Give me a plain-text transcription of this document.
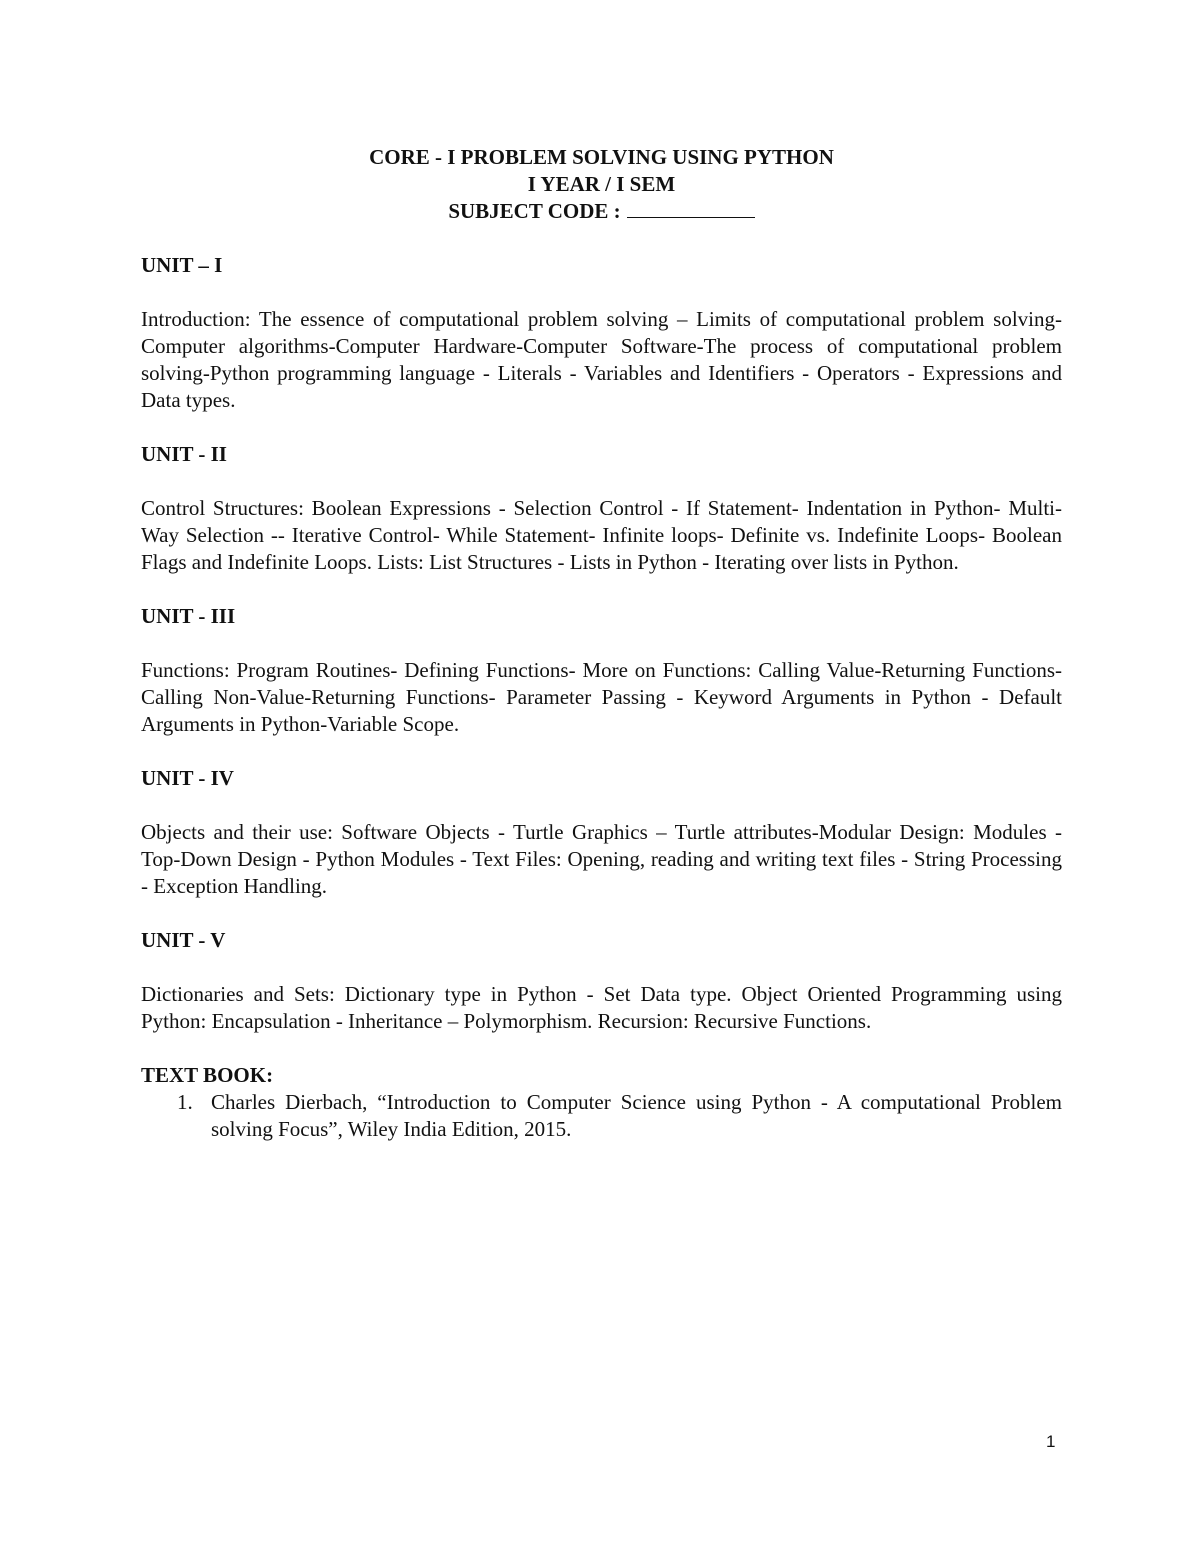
CORE - I PROBLEM SOLVING USING PYTHON
I YEAR / I SEM
SUBJECT CODE :
UNIT – I
Introduction: The essence of computational problem solving – Limits of computational problem solving-Computer algorithms-Computer Hardware-Computer Software-The process of computational problem solving-Python programming language - Literals - Variables and Identifiers - Operators - Expressions and Data types.
UNIT - II
Control Structures: Boolean Expressions - Selection Control - If Statement- Indentation in Python- Multi-Way Selection -- Iterative Control- While Statement- Infinite loops- Definite vs. Indefinite Loops- Boolean Flags and Indefinite Loops. Lists: List Structures - Lists in Python - Iterating over lists in Python.
UNIT - III
Functions: Program Routines- Defining Functions- More on Functions: Calling Value-Returning Functions- Calling Non-Value-Returning Functions- Parameter Passing - Keyword Arguments in Python - Default Arguments in Python-Variable Scope.
UNIT - IV
Objects and their use: Software Objects - Turtle Graphics – Turtle attributes-Modular Design: Modules - Top-Down Design - Python Modules - Text Files: Opening, reading and writing text files - String Processing - Exception Handling.
UNIT - V
Dictionaries and Sets: Dictionary type in Python - Set Data type. Object Oriented Programming using Python: Encapsulation - Inheritance – Polymorphism. Recursion: Recursive Functions.
TEXT BOOK:
1. Charles Dierbach, “Introduction to Computer Science using Python - A computational Problem solving Focus”, Wiley India Edition, 2015.
1
